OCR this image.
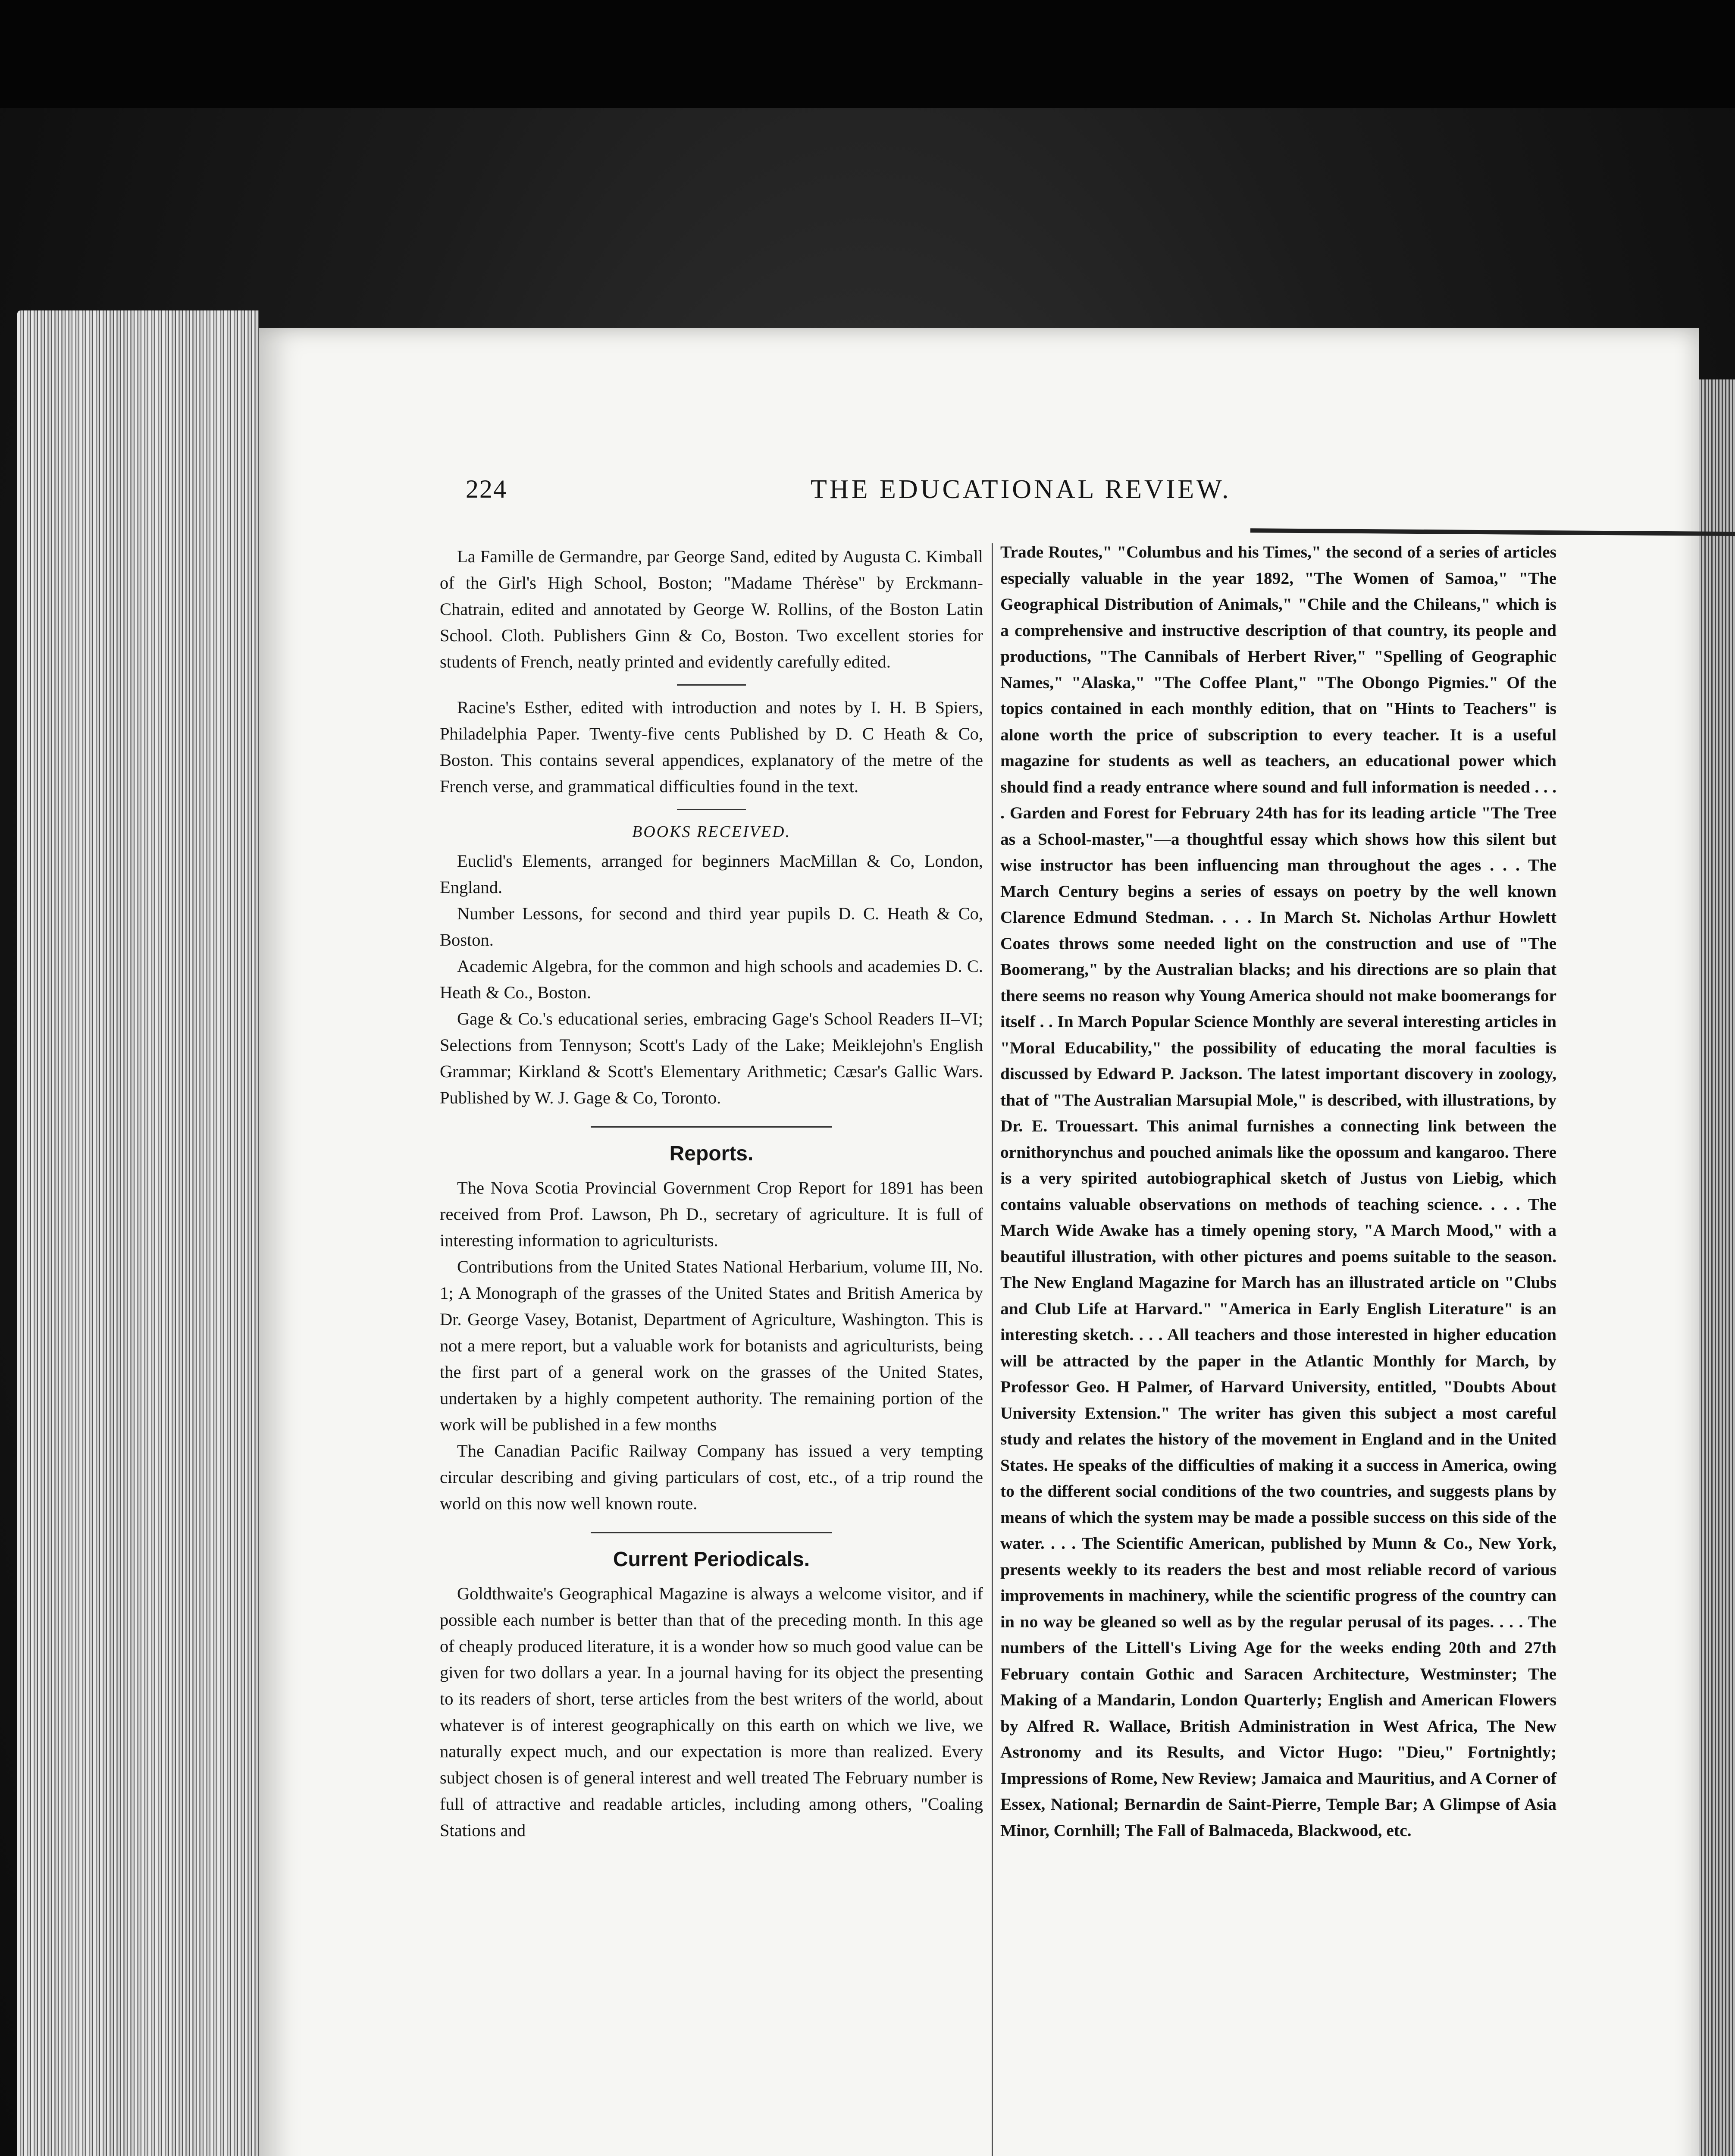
224	THE EDUCATIONAL REVIEW.

La Famille de Germandre, par George Sand, edited by Augusta C. Kimball of the Girl's High School, Boston; "Madame Thérèse" by Erckmann-Chatrain, edited and annotated by George W. Rollins, of the Boston Latin School. Cloth. Publishers Ginn & Co, Boston. Two excellent stories for students of French, neatly printed and evidently carefully edited.

Racine's Esther, edited with introduction and notes by I. H. B Spiers, Philadelphia Paper. Twenty-five cents Published by D. C Heath & Co, Boston. This contains several appendices, explanatory of the metre of the French verse, and grammatical difficulties found in the text.

BOOKS RECEIVED.

Euclid's Elements, arranged for beginners MacMillan & Co, London, England.

Number Lessons, for second and third year pupils D. C. Heath & Co, Boston.

Academic Algebra, for the common and high schools and academies D. C. Heath & Co., Boston.

Gage & Co.'s educational series, embracing Gage's School Readers II–VI; Selections from Tennyson; Scott's Lady of the Lake; Meiklejohn's English Grammar; Kirkland & Scott's Elementary Arithmetic; Cæsar's Gallic Wars. Published by W. J. Gage & Co, Toronto.

Reports.

The Nova Scotia Provincial Government Crop Report for 1891 has been received from Prof. Lawson, Ph D., secretary of agriculture. It is full of interesting information to agriculturists.

Contributions from the United States National Herbarium, volume III, No. 1; A Monograph of the grasses of the United States and British America by Dr. George Vasey, Botanist, Department of Agriculture, Washington. This is not a mere report, but a valuable work for botanists and agriculturists, being the first part of a general work on the grasses of the United States, undertaken by a highly competent authority. The remaining portion of the work will be published in a few months

The Canadian Pacific Railway Company has issued a very tempting circular describing and giving particulars of cost, etc., of a trip round the world on this now well known route.

Current Periodicals.

Goldthwaite's Geographical Magazine is always a welcome visitor, and if possible each number is better than that of the preceding month. In this age of cheaply produced literature, it is a wonder how so much good value can be given for two dollars a year. In a journal having for its object the presenting to its readers of short, terse articles from the best writers of the world, about whatever is of interest geographically on this earth on which we live, we naturally expect much, and our expectation is more than realized. Every subject chosen is of general interest and well treated The February number is full of attractive and readable articles, including among others, "Coaling Stations and

Trade Routes," "Columbus and his Times," the second of a series of articles especially valuable in the year 1892, "The Women of Samoa," "The Geographical Distribution of Animals," "Chile and the Chileans," which is a comprehensive and instructive description of that country, its people and productions, "The Cannibals of Herbert River," "Spelling of Geographic Names," "Alaska," "The Coffee Plant," "The Obongo Pigmies." Of the topics contained in each monthly edition, that on "Hints to Teachers" is alone worth the price of subscription to every teacher. It is a useful magazine for students as well as teachers, an educational power which should find a ready entrance where sound and full information is needed . . . . Garden and Forest for February 24th has for its leading article "The Tree as a School-master,"—a thoughtful essay which shows how this silent but wise instructor has been influencing man throughout the ages . . . The March Century begins a series of essays on poetry by the well known Clarence Edmund Stedman. . . . In March St. Nicholas Arthur Howlett Coates throws some needed light on the construction and use of "The Boomerang," by the Australian blacks; and his directions are so plain that there seems no reason why Young America should not make boomerangs for itself . . In March Popular Science Monthly are several interesting articles in "Moral Educability," the possibility of educating the moral faculties is discussed by Edward P. Jackson. The latest important discovery in zoology, that of "The Australian Marsupial Mole," is described, with illustrations, by Dr. E. Trouessart. This animal furnishes a connecting link between the ornithorynchus and pouched animals like the opossum and kangaroo. There is a very spirited autobiographical sketch of Justus von Liebig, which contains valuable observations on methods of teaching science. . . . The March Wide Awake has a timely opening story, "A March Mood," with a beautiful illustration, with other pictures and poems suitable to the season. The New England Magazine for March has an illustrated article on "Clubs and Club Life at Harvard." "America in Early English Literature" is an interesting sketch. . . . All teachers and those interested in higher education will be attracted by the paper in the Atlantic Monthly for March, by Professor Geo. H Palmer, of Harvard University, entitled, "Doubts About University Extension." The writer has given this subject a most careful study and relates the history of the movement in England and in the United States. He speaks of the difficulties of making it a success in America, owing to the different social conditions of the two countries, and suggests plans by means of which the system may be made a possible success on this side of the water. . . . The Scientific American, published by Munn & Co., New York, presents weekly to its readers the best and most reliable record of various improvements in machinery, while the scientific progress of the country can in no way be gleaned so well as by the regular perusal of its pages. . . . The numbers of the Littell's Living Age for the weeks ending 20th and 27th February contain Gothic and Saracen Architecture, Westminster; The Making of a Mandarin, London Quarterly; English and American Flowers by Alfred R. Wallace, British Administration in West Africa, The New Astronomy and its Results, and Victor Hugo: "Dieu," Fortnightly; Impressions of Rome, New Review; Jamaica and Mauritius, and A Corner of Essex, National; Bernardin de Saint-Pierre, Temple Bar; A Glimpse of Asia Minor, Cornhill; The Fall of Balmaceda, Blackwood, etc.
